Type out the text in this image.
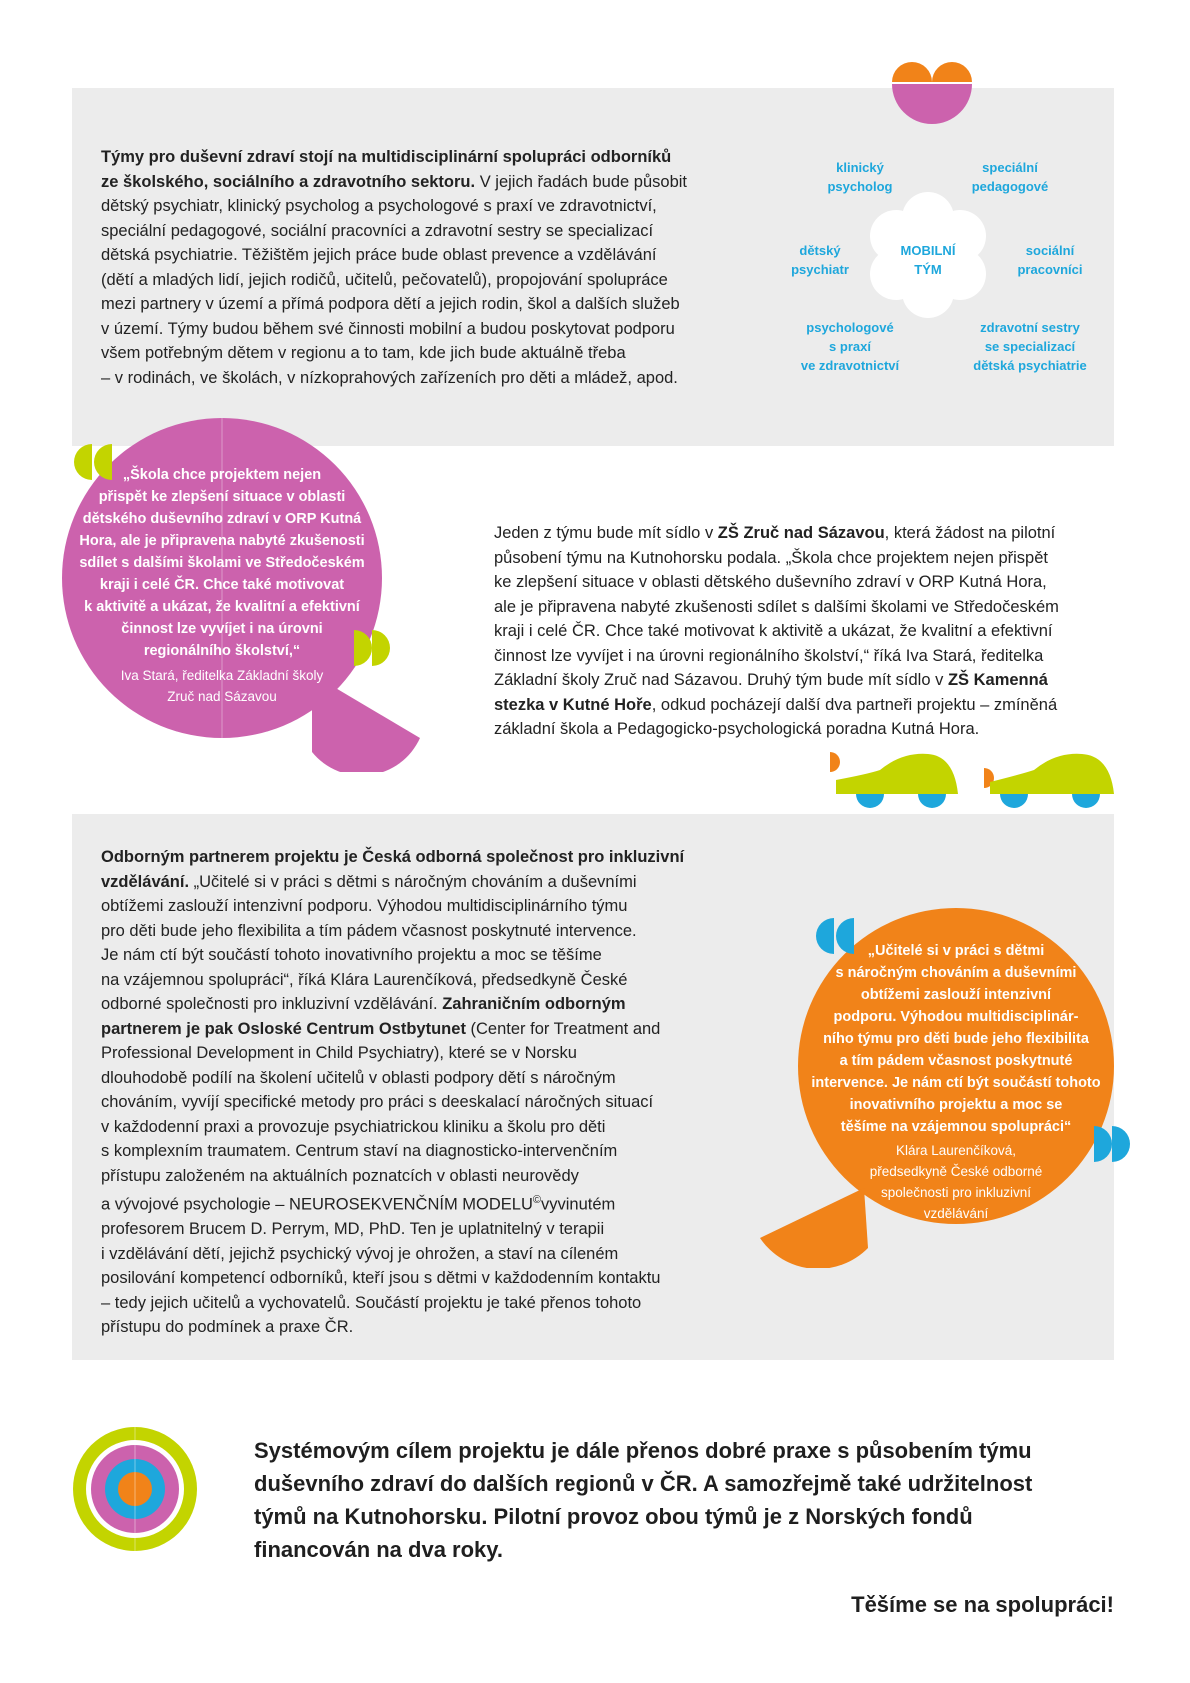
Týmy pro duševní zdraví stojí na multidisciplinární spolupráci odborníků
ze školského, sociálního a zdravotního sektoru. V jejich řadách bude působit
dětský psychiatr, klinický psycholog a psychologové s praxí ve zdravotnictví,
speciální pedagogové, sociální pracovníci a zdravotní sestry se specializací
dětská psychiatrie. Těžištěm jejich práce bude oblast prevence a vzdělávání
(dětí a mladých lidí, jejich rodičů, učitelů, pečovatelů), propojování spolupráce
mezi partnery v území a přímá podpora dětí a jejich rodin, škol a dalších služeb
v území. Týmy budou během své činnosti mobilní a budou poskytovat podporu
všem potřebným dětem v regionu a to tam, kde jich bude aktuálně třeba
– v rodinách, ve školách, v nízkoprahových zařízeních pro děti a mládež, apod.
MOBILNÍ
TÝM
klinický
psycholog
speciální
pedagogové
dětský
psychiatr
sociální
pracovníci
psychologové
s praxí
ve zdravotnictví
zdravotní sestry
se specializací
dětská psychiatrie
„Škola chce projektem nejen
přispět ke zlepšení situace v oblasti
dětského duševního zdraví v ORP Kutná
Hora, ale je připravena nabyté zkušenosti
sdílet s dalšími školami ve Středočeském
kraji i celé ČR. Chce také motivovat
k aktivitě a ukázat, že kvalitní a efektivní
činnost lze vyvíjet i na úrovni
regionálního školství,“
Iva Stará, ředitelka Základní školy
Zruč nad Sázavou
Jeden z týmu bude mít sídlo v ZŠ Zruč nad Sázavou, která žádost na pilotní
působení týmu na Kutnohorsku podala. „Škola chce projektem nejen přispět
ke zlepšení situace v oblasti dětského duševního zdraví v ORP Kutná Hora,
ale je připravena nabyté zkušenosti sdílet s dalšími školami ve Středočeském
kraji i celé ČR. Chce také motivovat k aktivitě a ukázat, že kvalitní a efektivní
činnost lze vyvíjet i na úrovni regionálního školství,“ říká Iva Stará, ředitelka
Základní školy Zruč nad Sázavou. Druhý tým bude mít sídlo v ZŠ Kamenná
stezka v Kutné Hoře, odkud pocházejí další dva partneři projektu – zmíněná
základní škola a Pedagogicko-psychologická poradna Kutná Hora.
Odborným partnerem projektu je Česká odborná společnost pro inkluzivní
vzdělávání. „Učitelé si v práci s dětmi s náročným chováním a duševními
obtížemi zaslouží intenzivní podporu. Výhodou multidisciplinárního týmu
pro děti bude jeho flexibilita a tím pádem včasnost poskytnuté intervence.
Je nám ctí být součástí tohoto inovativního projektu a moc se těšíme
na vzájemnou spolupráci“, říká Klára Laurenčíková, předsedkyně České
odborné společnosti pro inkluzivní vzdělávání. Zahraničním odborným
partnerem je pak Osloské Centrum Ostbytunet (Center for Treatment and
Professional Development in Child Psychiatry), které se v Norsku
dlouhodobě podílí na školení učitelů v oblasti podpory dětí s náročným
chováním, vyvíjí specifické metody pro práci s deeskalací náročných situací
v každodenní praxi a provozuje psychiatrickou kliniku a školu pro děti
s komplexním traumatem. Centrum staví na diagnosticko-intervenčním
přístupu založeném na aktuálních poznatcích v oblasti neurovědy
a vývojové psychologie – NEUROSEKVENČNÍM MODELU©vyvinutém
profesorem Brucem D. Perrym, MD, PhD. Ten je uplatnitelný v terapii
i vzdělávání dětí, jejichž psychický vývoj je ohrožen, a staví na cíleném
posilování kompetencí odborníků, kteří jsou s dětmi v každodenním kontaktu
– tedy jejich učitelů a vychovatelů. Součástí projektu je také přenos tohoto
přístupu do podmínek a praxe ČR.
„Učitelé si v práci s dětmi
s náročným chováním a duševními
obtížemi zaslouží intenzivní
podporu. Výhodou multidisciplinár-
ního týmu pro děti bude jeho flexibilita
a tím pádem včasnost poskytnuté
intervence. Je nám ctí být součástí tohoto
inovativního projektu a moc se
těšíme na vzájemnou spolupráci“
Klára Laurenčíková,
předsedkyně České odborné
společnosti pro inkluzivní
vzdělávání
Systémovým cílem projektu je dále přenos dobré praxe s působením týmu
duševního zdraví do dalších regionů v ČR. A samozřejmě také udržitelnost
týmů na Kutnohorsku. Pilotní provoz obou týmů je z Norských fondů
financován na dva roky.
Těšíme se na spolupráci!
